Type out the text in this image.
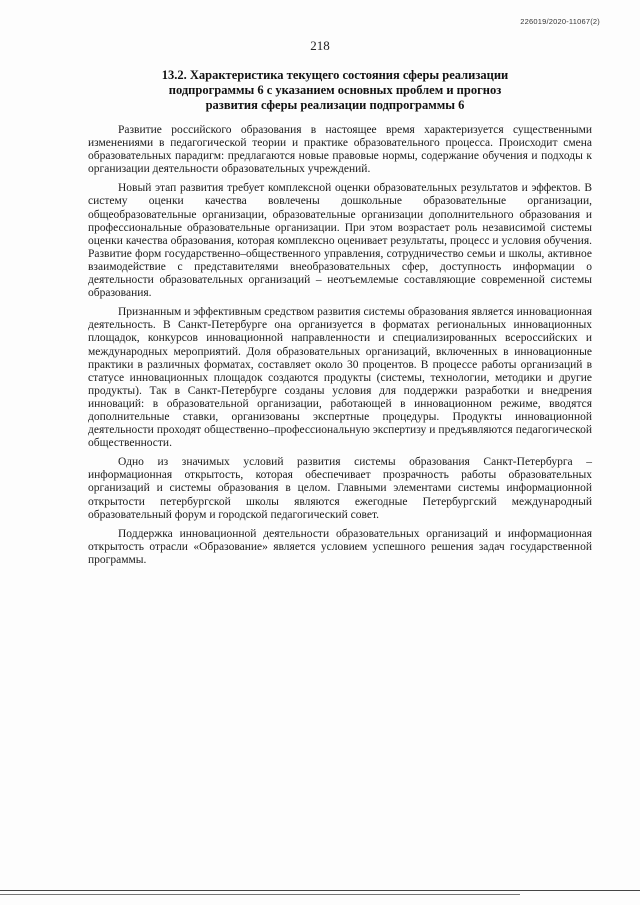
226019/2020-11067(2)
218
13.2. Характеристика текущего состояния сферы реализации
подпрограммы 6 с указанием основных проблем и прогноз
развития сферы реализации подпрограммы 6

Развитие российского образования в настоящее время характеризуется существенными изменениями в педагогической теории и практике образовательного процесса. Происходит смена образовательных парадигм: предлагаются новые правовые нормы, содержание обучения и подходы к организации деятельности образовательных учреждений.

Новый этап развития требует комплексной оценки образовательных результатов и эффектов. В систему оценки качества вовлечены дошкольные образовательные организации, общеобразовательные организации, образовательные организации дополнительного образования и профессиональные образовательные организации. При этом возрастает роль независимой системы оценки качества образования, которая комплексно оценивает результаты, процесс и условия обучения. Развитие форм государственно–общественного управления, сотрудничество семьи и школы, активное взаимодействие с представителями внеобразовательных сфер, доступность информации о деятельности образовательных организаций – неотъемлемые составляющие современной системы образования.

Признанным и эффективным средством развития системы образования является инновационная деятельность. В Санкт-Петербурге она организуется в форматах региональных инновационных площадок, конкурсов инновационной направленности и специализированных всероссийских и международных мероприятий. Доля образовательных организаций, включенных в инновационные практики в различных форматах, составляет около 30 процентов. В процессе работы организаций в статусе инновационных площадок создаются продукты (системы, технологии, методики и другие продукты). Так в Санкт-Петербурге созданы условия для поддержки разработки и внедрения инноваций: в образовательной организации, работающей в инновационном режиме, вводятся дополнительные ставки, организованы экспертные процедуры. Продукты инновационной деятельности проходят общественно–профессиональную экспертизу и предъявляются педагогической общественности.

Одно из значимых условий развития системы образования Санкт-Петербурга – информационная открытость, которая обеспечивает прозрачность работы образовательных организаций и системы образования в целом. Главными элементами системы информационной открытости петербургской школы являются ежегодные Петербургский международный образовательный форум и городской педагогический совет.

Поддержка инновационной деятельности образовательных организаций и информационная открытость отрасли «Образование» является условием успешного решения задач государственной программы.
